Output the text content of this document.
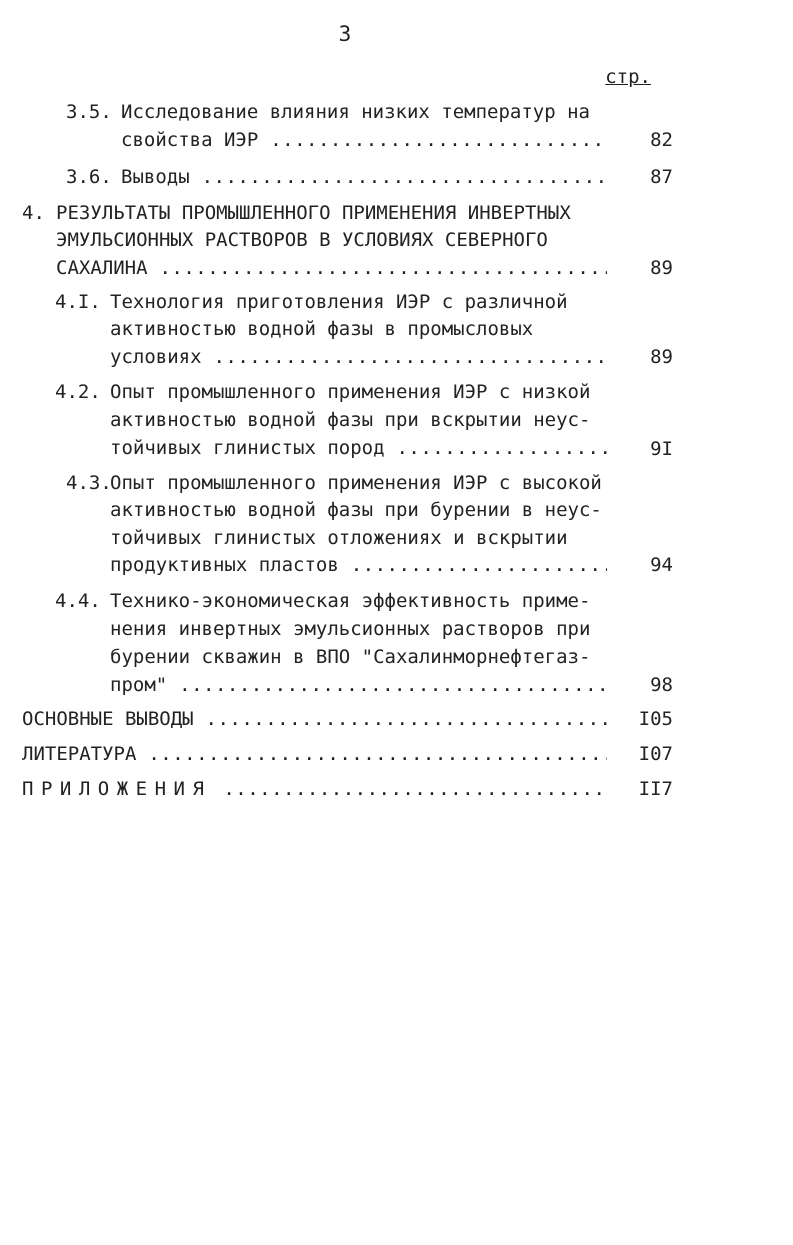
3
стр.
3.5. Исследование влияния низких температур на
свойства ИЭР .....	82
3.6. Выводы .....	87
4. РЕЗУЛЬТАТЫ ПРОМЫШЛЕННОГО ПРИМЕНЕНИЯ ИНВЕРТНЫХ
ЭМУЛЬСИОННЫХ РАСТВОРОВ В УСЛОВИЯХ СЕВЕРНОГО
САХАЛИНА .....	89
4.I. Технология приготовления ИЭР с различной
активностью водной фазы в промысловых
условиях .....	89
4.2. Опыт промышленного применения ИЭР с низкой
активностью водной фазы при вскрытии неус-
тойчивых глинистых пород .....	9I
4.3.
Опыт промышленного применения ИЭР с высокой
активностью водной фазы при бурении в неус-
тойчивых глинистых отложениях и вскрытии
продуктивных пластов .....	94
4.4. Технико-экономическая эффективность приме-
нения инвертных эмульсионных растворов при
бурении скважин в ВПО "Сахалинморнефтегаз-
пром" .....	98
ОСНОВНЫЕ ВЫВОДЫ .....	I05
ЛИТЕРАТУРА .....	I07
ПРИЛОЖЕНИЯ .....	II7
